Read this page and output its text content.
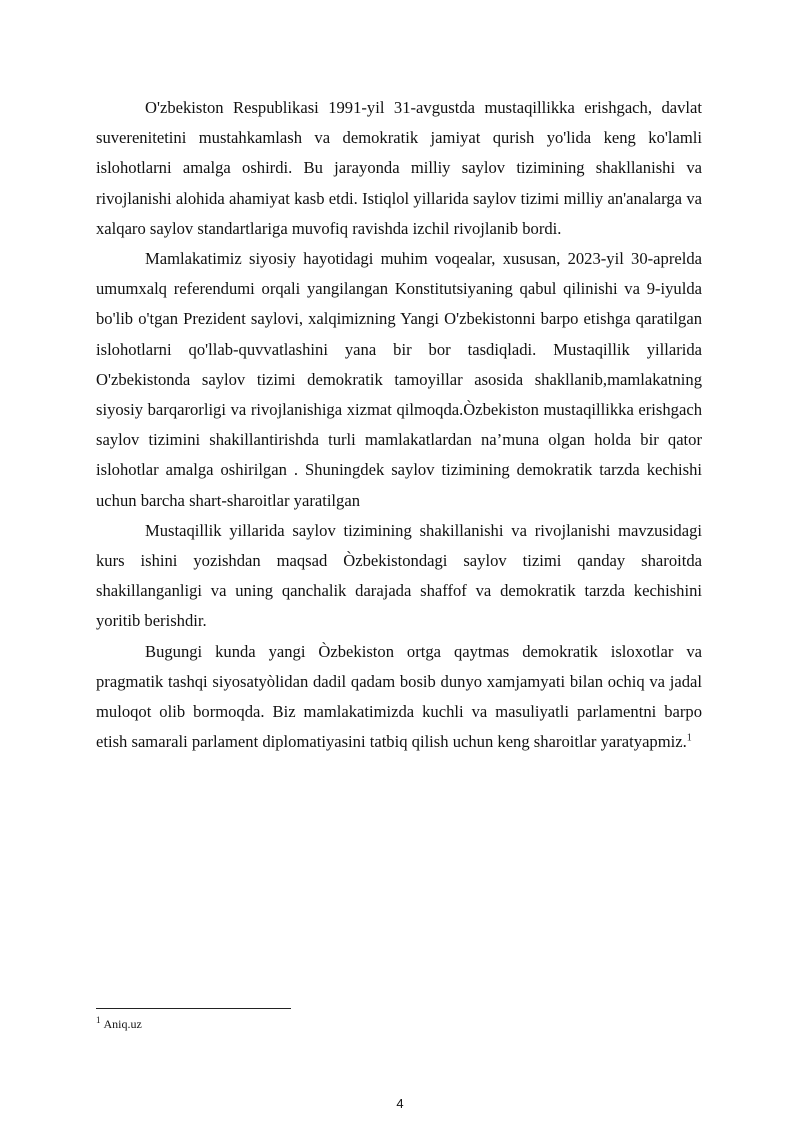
O'zbekiston Respublikasi 1991-yil 31-avgustda mustaqillikka erishgach, davlat suverenitetini mustahkamlash va demokratik jamiyat qurish yo'lida keng ko'lamli islohotlarni amalga oshirdi. Bu jarayonda milliy saylov tizimining shakllanishi va rivojlanishi alohida ahamiyat kasb etdi. Istiqlol yillarida saylov tizimi milliy an'analarga va xalqaro saylov standartlariga muvofiq ravishda izchil rivojlanib bordi.

Mamlakatimiz siyosiy hayotidagi muhim voqealar, xususan, 2023-yil 30-aprelda umumxalq referendumi orqali yangilangan Konstitutsiyaning qabul qilinishi va 9-iyulda bo'lib o'tgan Prezident saylovi, xalqimizning Yangi O'zbekistonni barpo etishga qaratilgan islohotlarni qo'llab-quvvatlashini yana bir bor tasdiqladi. Mustaqillik yillarida O'zbekistonda saylov tizimi demokratik tamoyillar asosida shakllanib,mamlakatning siyosiy barqarorligi va rivojlanishiga xizmat qilmoqda.Òzbekiston mustaqillikka erishgach saylov tizimini shakillantirishda turli mamlakatlardan na’muna olgan holda bir qator islohotlar amalga oshirilgan . Shuningdek saylov tizimining demokratik tarzda kechishi uchun barcha shart-sharoitlar yaratilgan

Mustaqillik yillarida saylov tizimining shakillanishi va rivojlanishi mavzusidagi kurs ishini yozishdan maqsad Òzbekistondagi saylov tizimi qanday sharoitda shakillanganligi va uning qanchalik darajada shaffof va demokratik tarzda kechishini yoritib berishdir.

Bugungi kunda yangi Òzbekiston ortga qaytmas demokratik isloxotlar va pragmatik tashqi siyosatyòlidan dadil qadam bosib dunyo xamjamyati bilan ochiq va jadal muloqot olib bormoqda. Biz mamlakatimizda kuchli va masuliyatli parlamentni barpo etish samarali parlament diplomatiyasini tatbiq qilish uchun keng sharoitlar yaratyapmiz.$^1$

$^1$ Aniq.uz
4
